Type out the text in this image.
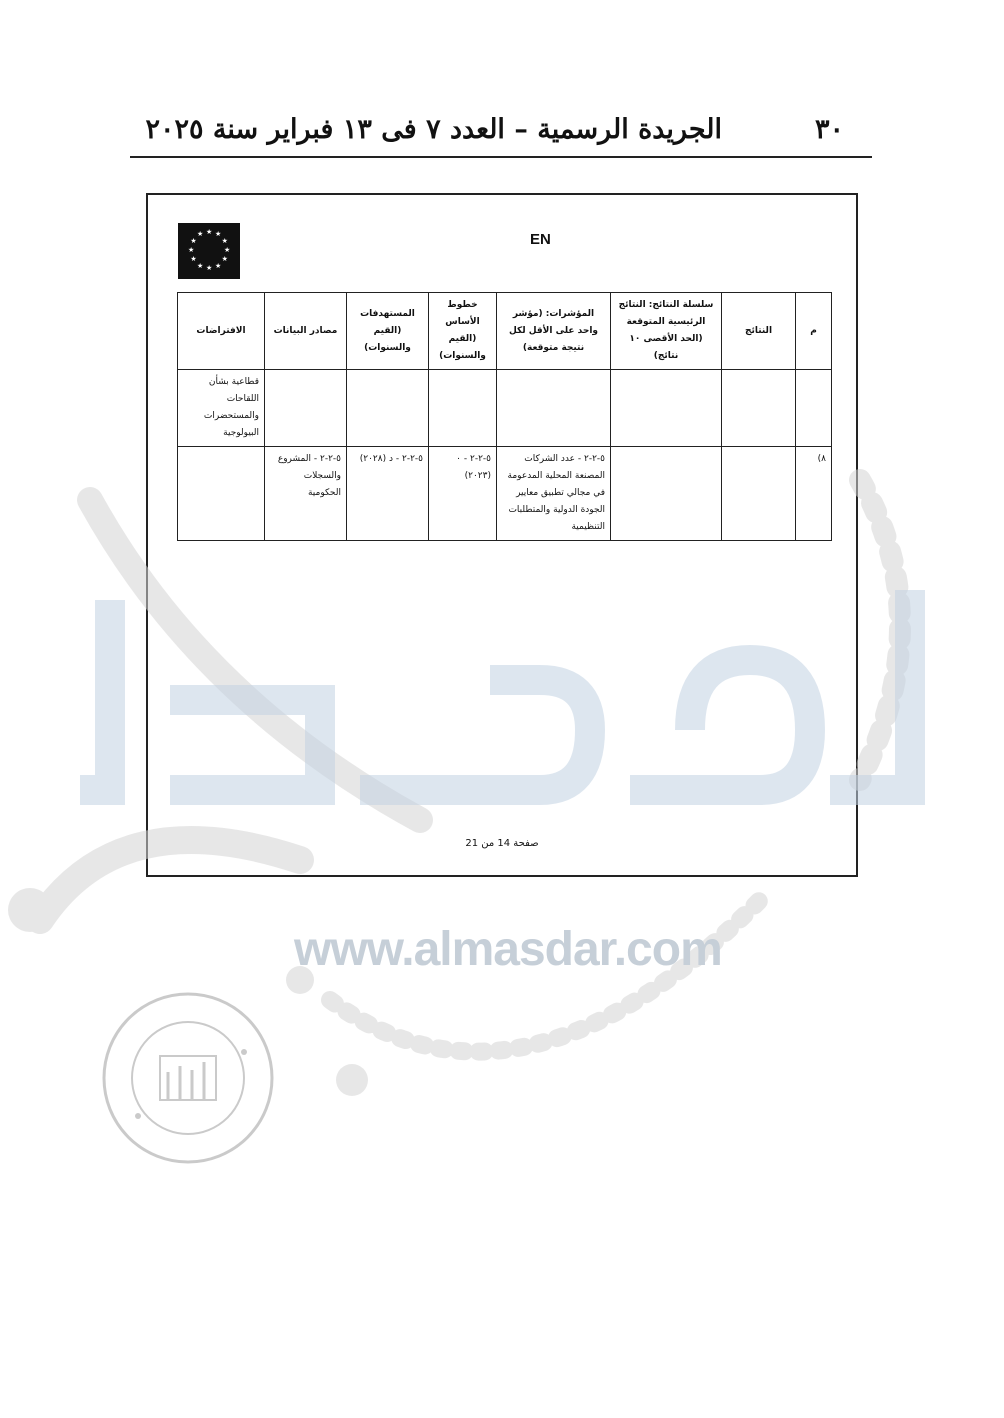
الجريدة الرسمية – العدد ٧ فى ١٣ فبراير سنة ٢٠٢٥	٣٠
★
★
★
★
★
★
★
★
★ ★ ★
★	EN
م	النتائج	سلسلة النتائج: النتائج الرئيسية المتوقعة (الحد الأقصى ١٠ نتائج)	المؤشرات: (مؤشر واحد على الأقل لكل نتيجة متوقعة)	خطوط الأساس (القيم والسنوات)	المستهدفات (القيم والسنوات)	مصادر البيانات	الافتراضات
							قطاعية بشأن اللقاحات والمستحضرات البيولوجية
٨)			٥-٢-٢ - عدد الشركات المصنعة المحلية المدعومة في مجالي تطبيق معايير الجودة الدولية والمتطلبات التنظيمية	٥-٢-٢ - ٠ (٢٠٢٣)	٥-٢-٢ - د (٢٠٢٨)	٥-٢-٢ - المشروع والسجلات الحكومية	
صفحة 14 من 21
www.almasdar.com
